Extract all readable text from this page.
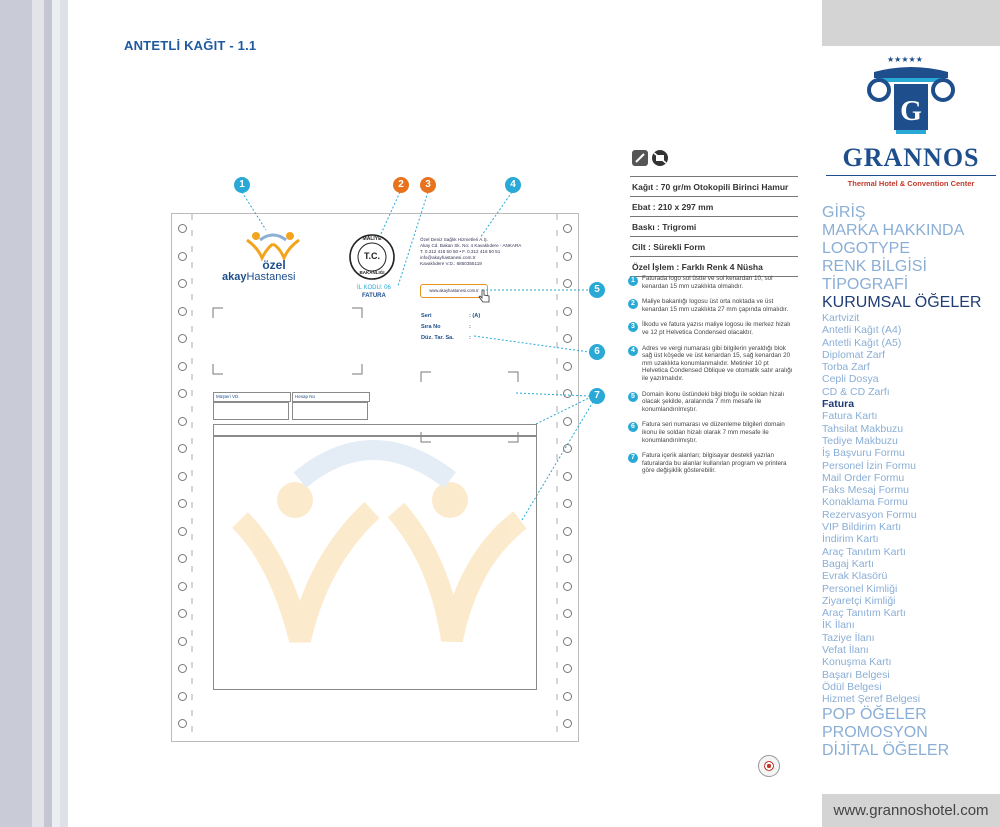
ANTETLİ KAĞIT - 1.1
★★★★★
G
GRANNOS
Thermal Hotel & Convention Center
GİRİŞ
MARKA HAKKINDA
LOGOTYPE
RENK BİLGİSİ
TİPOGRAFİ
KURUMSAL ÖĞELER
Kartvizit
Antetli Kağıt (A4)
Antetli Kağıt (A5)
Diplomat Zarf
Torba Zarf
Cepli Dosya
CD & CD Zarfı
Fatura
Fatura Kartı
Tahsilat Makbuzu
Tediye Makbuzu
İş Başvuru Formu
Personel İzin Formu
Mail Order Formu
Faks Mesaj Formu
Konaklama Formu
Rezervasyon Formu
VIP Bildirim Kartı
İndirim Kartı
Araç Tanıtım Kartı
Bagaj Kartı
Evrak Klasörü
Personel Kimliği
Ziyaretçi Kimliği
Araç Tanıtım Kartı
İK İlanı
Taziye İlanı
Vefat İlanı
Konuşma Kartı
Başarı Belgesi
Ödül Belgesi
Hizmet Şeref Belgesi
POP ÖĞELER
PROMOSYON
DİJİTAL ÖĞELER
www.grannoshotel.com
Kağıt : 70 gr/m Otokopili Birinci Hamur
Ebat : 210 x 297 mm
Baskı : Trigromi
Cilt : Sürekli Form
Özel İşlem : Farklı Renk 4 Nüsha
1	Faturada logo sol üstte ve sol kenardan 10, sol kenardan 15 mm uzaklıkta olmalıdır.
2	Maliye bakanlığı logosu üst orta noktada ve üst kenardan 15 mm uzaklıkta 27 mm çapında olmalıdır.
3	İlkodu ve fatura yazısı maliye logosu ile merkez hizalı ve 12 pt Helvetica Condensed olacaktır.
4	Adres ve vergi numarası gibi bilgilerin yeraldığı blok sağ üst köşede ve üst kenardan 15, sağ kenardan 20 mm uzaklıkta konumlanmalıdır. Metinler 10 pt Helvetica Condensed Oblique ve otomatik satır aralığı ile yazılmalıdır.
5	Domain ikonu üstündeki bilgi bloğu ile soldan hizalı olacak şekilde, aralarında 7 mm mesafe ile konumlandırılmıştır.
6	Fatura seri numarası ve düzenleme bilgileri domain ikonu ile soldan hizalı olarak 7 mm mesafe ile konumlandırılmıştır.
7	Fatura içerik alanları; bilgisayar destekli yazılan faturalarda bu alanlar kullanılan program ve printera göre değişiklik gösterebilir.
1	2	3	4
5
6
7
özel
akayHastanesi
T.C.
MALİYE
BAKANLIĞI
İL KODU: 06
FATURA
Özel Deniz Sağlık Hizmetleri A.Ş.
Akay Cd. Bakan Sk. No: 4 Kavaklıdere - ANKARA
T. 0.312 416 50 50 • F. 0.312 416 50 51
info@akayhastanesi.com.tr
Kavaklıdere V.D.: 6850355119
www.akayhastanesi.com.tr
Seri	: (A)
Sıra No	:
Düz. Tar. Sa.	:
Müşteri VD.	Hesap No
